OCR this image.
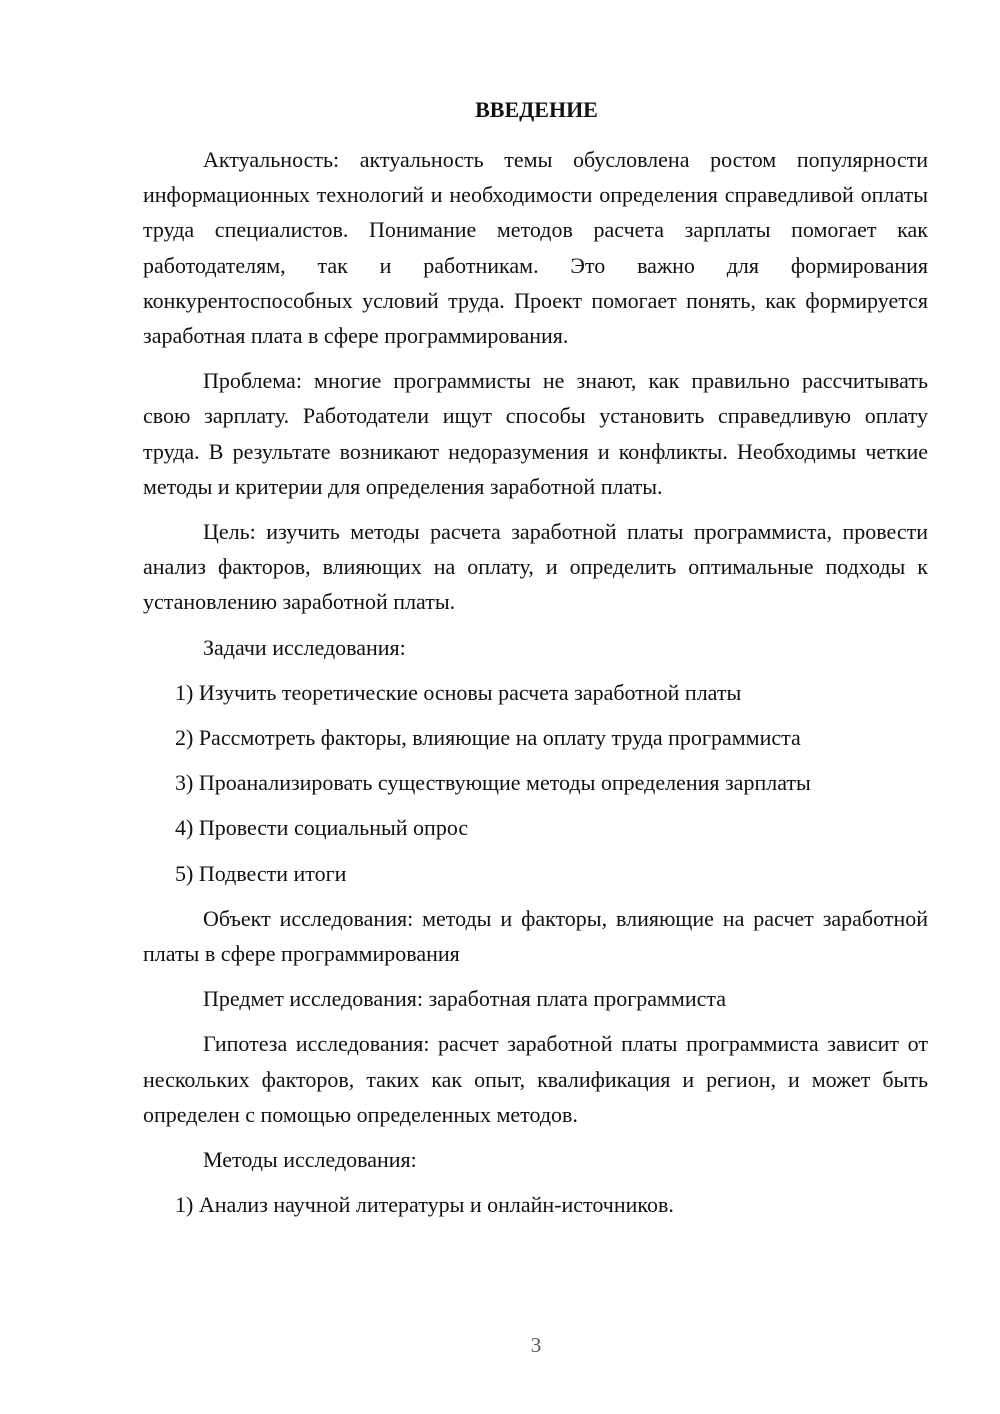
ВВЕДЕНИЕ

Актуальность: актуальность темы обусловлена ростом популярности информационных технологий и необходимости определения справедливой оплаты труда специалистов. Понимание методов расчета зарплаты помогает как работодателям, так и работникам. Это важно для формирования конкурентоспособных условий труда. Проект помогает понять, как формируется заработная плата в сфере программирования.

Проблема: многие программисты не знают, как правильно рассчитывать свою зарплату. Работодатели ищут способы установить справедливую оплату труда. В результате возникают недоразумения и конфликты. Необходимы четкие методы и критерии для определения заработной платы.

Цель: изучить методы расчета заработной платы программиста, провести анализ факторов, влияющих на оплату, и определить оптимальные подходы к установлению заработной платы.

Задачи исследования:

1) Изучить теоретические основы расчета заработной платы

2) Рассмотреть факторы, влияющие на оплату труда программиста

3) Проанализировать существующие методы определения зарплаты

4) Провести социальный опрос

5) Подвести итоги

Объект исследования: методы и факторы, влияющие на расчет заработной платы в сфере программирования

Предмет исследования: заработная плата программиста

Гипотеза исследования: расчет заработной платы программиста зависит от нескольких факторов, таких как опыт, квалификация и регион, и может быть определен с помощью определенных методов.

Методы исследования:

1) Анализ научной литературы и онлайн-источников.

3
